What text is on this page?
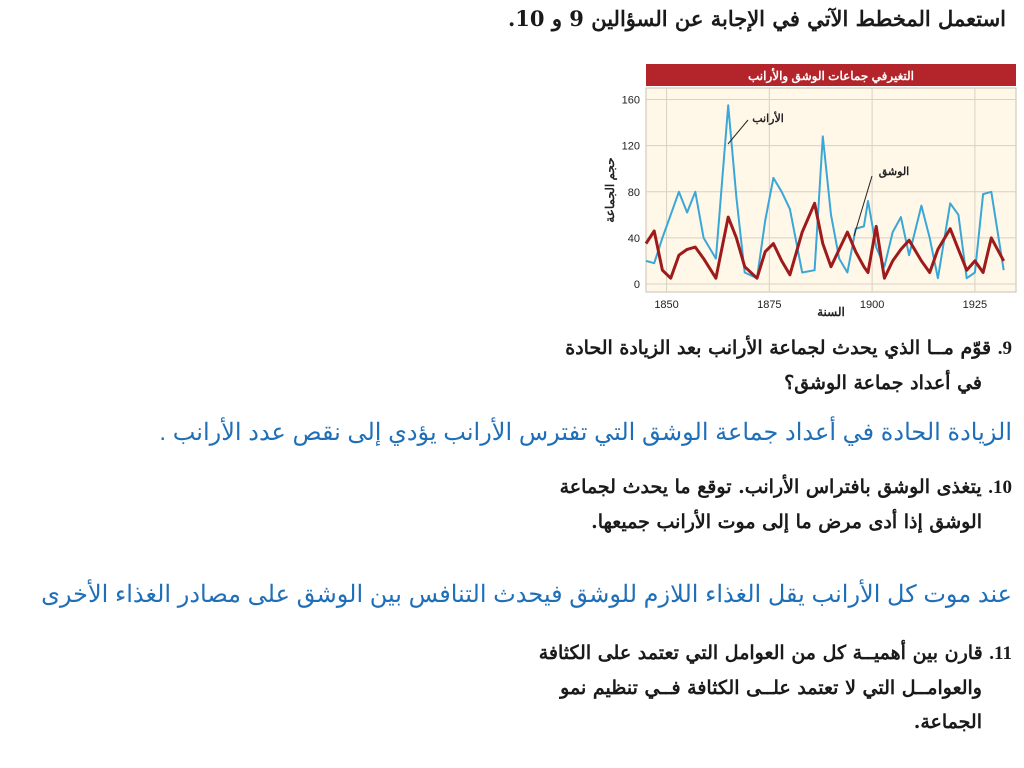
استعمل المخطط الآتي في الإجابة عن السؤالين 9 و 10.
التغيرفي جماعات الوشق والأرانب
0
40
80
120
160
1850	1875	1900	1925
الأرانب
الوشق
حجم الجماعة
السنة
9. قوّم مــا الذي يحدث لجماعة الأرانب بعد الزيادة الحادة
في أعداد جماعة الوشق؟
الزيادة الحادة في أعداد جماعة الوشق التي تفترس الأرانب يؤدي إلى نقص عدد الأرانب .
10. يتغذى الوشق بافتراس الأرانب. توقع ما يحدث لجماعة
الوشق إذا أدى مرض ما إلى موت الأرانب جميعها.
عند موت كل الأرانب يقل الغذاء اللازم للوشق فيحدث التنافس بين الوشق على مصادر الغذاء الأخرى
11. قارن بين أهميــة كل من العوامل التي تعتمد على الكثافة
والعوامــل التي لا تعتمد علــى الكثافة فــي تنظيم نمو
الجماعة.
